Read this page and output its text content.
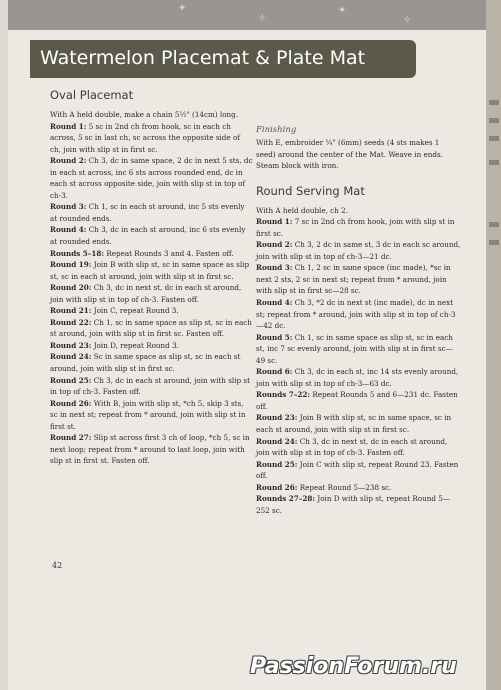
✦
✧
✦
✧
Watermelon Placemat & Plate Mat

Oval Placemat

With A held double, make a chain 5½" (14cm) long.

Round 1: 5 sc in 2nd ch from hook, sc in each ch across, 5 sc in last ch, sc across the opposite side of ch, join with slip st in first sc.

Round 2: Ch 3, dc in same space, 2 dc in next 5 sts, dc in each st across, inc 6 sts across rounded end, dc in each st across opposite side, join with slip st in top of ch-3.

Round 3: Ch 1, sc in each st around, inc 5 sts evenly at rounded ends.

Round 4: Ch 3, dc in each st around, inc 6 sts evenly at rounded ends.

Rounds 5–18: Repeat Rounds 3 and 4. Fasten off.

Round 19: Join B with slip st, sc in same space as slip st, sc in each st around, join with slip st in first sc.

Round 20: Ch 3, dc in next st, dc in each st around, join with slip st in top of ch-3. Fasten off.

Round 21: Join C, repeat Round 3.

Round 22: Ch 1, sc in same space as slip st, sc in each st around, join with slip st in first sc. Fasten off.

Round 23: Join D, repeat Round 3.

Round 24: Sc in same space as slip st, sc in each st around, join with slip st in first sc.

Round 25: Ch 3, dc in each st around, join with slip st in top of ch-3. Fasten off.

Round 26: With B, join with slip st, *ch 5, skip 3 sts, sc in next st; repeat from * around, join with slip st in first st.

Round 27: Slip st across first 3 ch of loop, *ch 5, sc in next loop; repeat from * around to last loop, join with slip st in first st. Fasten off.

Finishing

With E, embroider ¼" (6mm) seeds (4 sts makes 1 seed) around the center of the Mat. Weave in ends. Steam block with iron.

Round Serving Mat

With A held double, ch 2.

Round 1: 7 sc in 2nd ch from hook, join with slip st in first sc.

Round 2: Ch 3, 2 dc in same st, 3 dc in each sc around, join with slip st in top of ch-3—21 dc.

Round 3: Ch 1, 2 sc in same space (inc made), *sc in next 2 sts, 2 sc in next st; repeat from * around, join with slip st in first sc—28 sc.

Round 4: Ch 3, *2 dc in next st (inc made), dc in next st; repeat from * around, join with slip st in top of ch-3—42 dc.

Round 5: Ch 1, sc in same space as slip st, sc in each st, inc 7 sc evenly around, join with slip st in first sc—49 sc.

Round 6: Ch 3, dc in each st, inc 14 sts evenly around, join with slip st in top of ch-3—63 dc.

Rounds 7–22: Repeat Rounds 5 and 6—231 dc. Fasten off.

Round 23: Join B with slip st, sc in same space, sc in each st around, join with slip st in first sc.

Round 24: Ch 3, dc in next st, dc in each st around, join with slip st in top of ch-3. Fasten off.

Round 25: Join C with slip st, repeat Round 23. Fasten off.

Round 26: Repeat Round 5—238 sc.

Rounds 27–28: Join D with slip st, repeat Round 5—252 sc.

42
PassionForum.ru
